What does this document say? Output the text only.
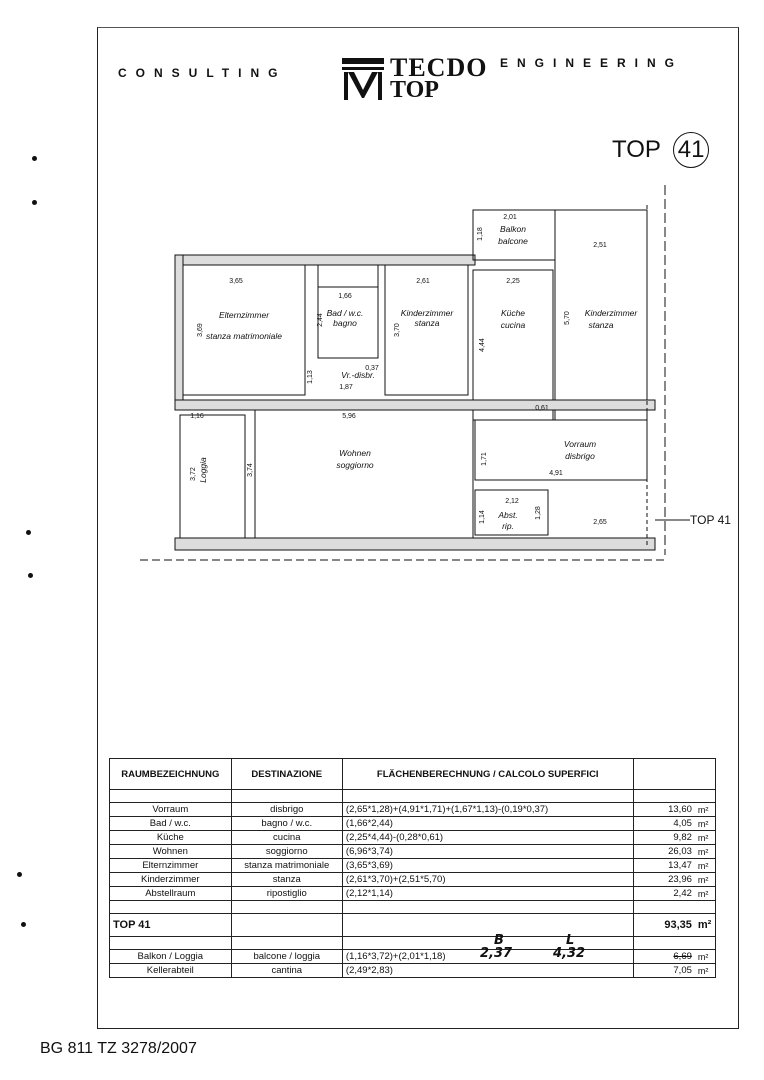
CONSULTING	TECDO
TOP
ENGINEERING
TOP 41
Elternzimmer
stanza matrimoniale
Bad / w.c.
bagno
Kinderzimmer
stanza
Küche
cucina
Kinderzimmer
stanza
Balkon
balcone
Vr.-disbr.
Wohnen
soggiorno
Vorraum
disbrigo
Loggia
Abst.
rip.
3,65
3,69
1,66
2,44
2,61
3,70
2,25
4,44
2,01
1,18
2,51
5,70
1,13
1,87
1,16	5,96
3,72	3,74
1,71
4,91
2,12
1,14	1,28
2,65
0,37
0,61
TOP 41
RAUMBEZEICHNUNG	DESTINAZIONE	FLÄCHENBERECHNUNG / CALCOLO SUPERFICI		

Vorraum	disbrigo	(2,65*1,28)+(4,91*1,71)+(1,67*1,13)-(0,19*0,37)	13,60	m²
Bad / w.c.	bagno / w.c.	(1,66*2,44)	4,05	m²
Küche	cucina	(2,25*4,44)-(0,28*0,61)	9,82	m²
Wohnen	soggiorno	(6,96*3,74)	26,03	m²
Elternzimmer	stanza matrimoniale	(3,65*3,69)	13,47	m²
Kinderzimmer	stanza	(2,61*3,70)+(2,51*5,70)	23,96	m²
Abstellraum	ripostiglio	(2,12*1,14)	2,42	m²

TOP 41			93,35	m²

Balkon / Loggia	balcone / loggia	(1,16*3,72)+(2,01*1,18)	6,69	m²
Kellerabteil	cantina	(2,49*2,83)	7,05	m²
B
2,37
L
4,32
BG 811 TZ 3278/2007
